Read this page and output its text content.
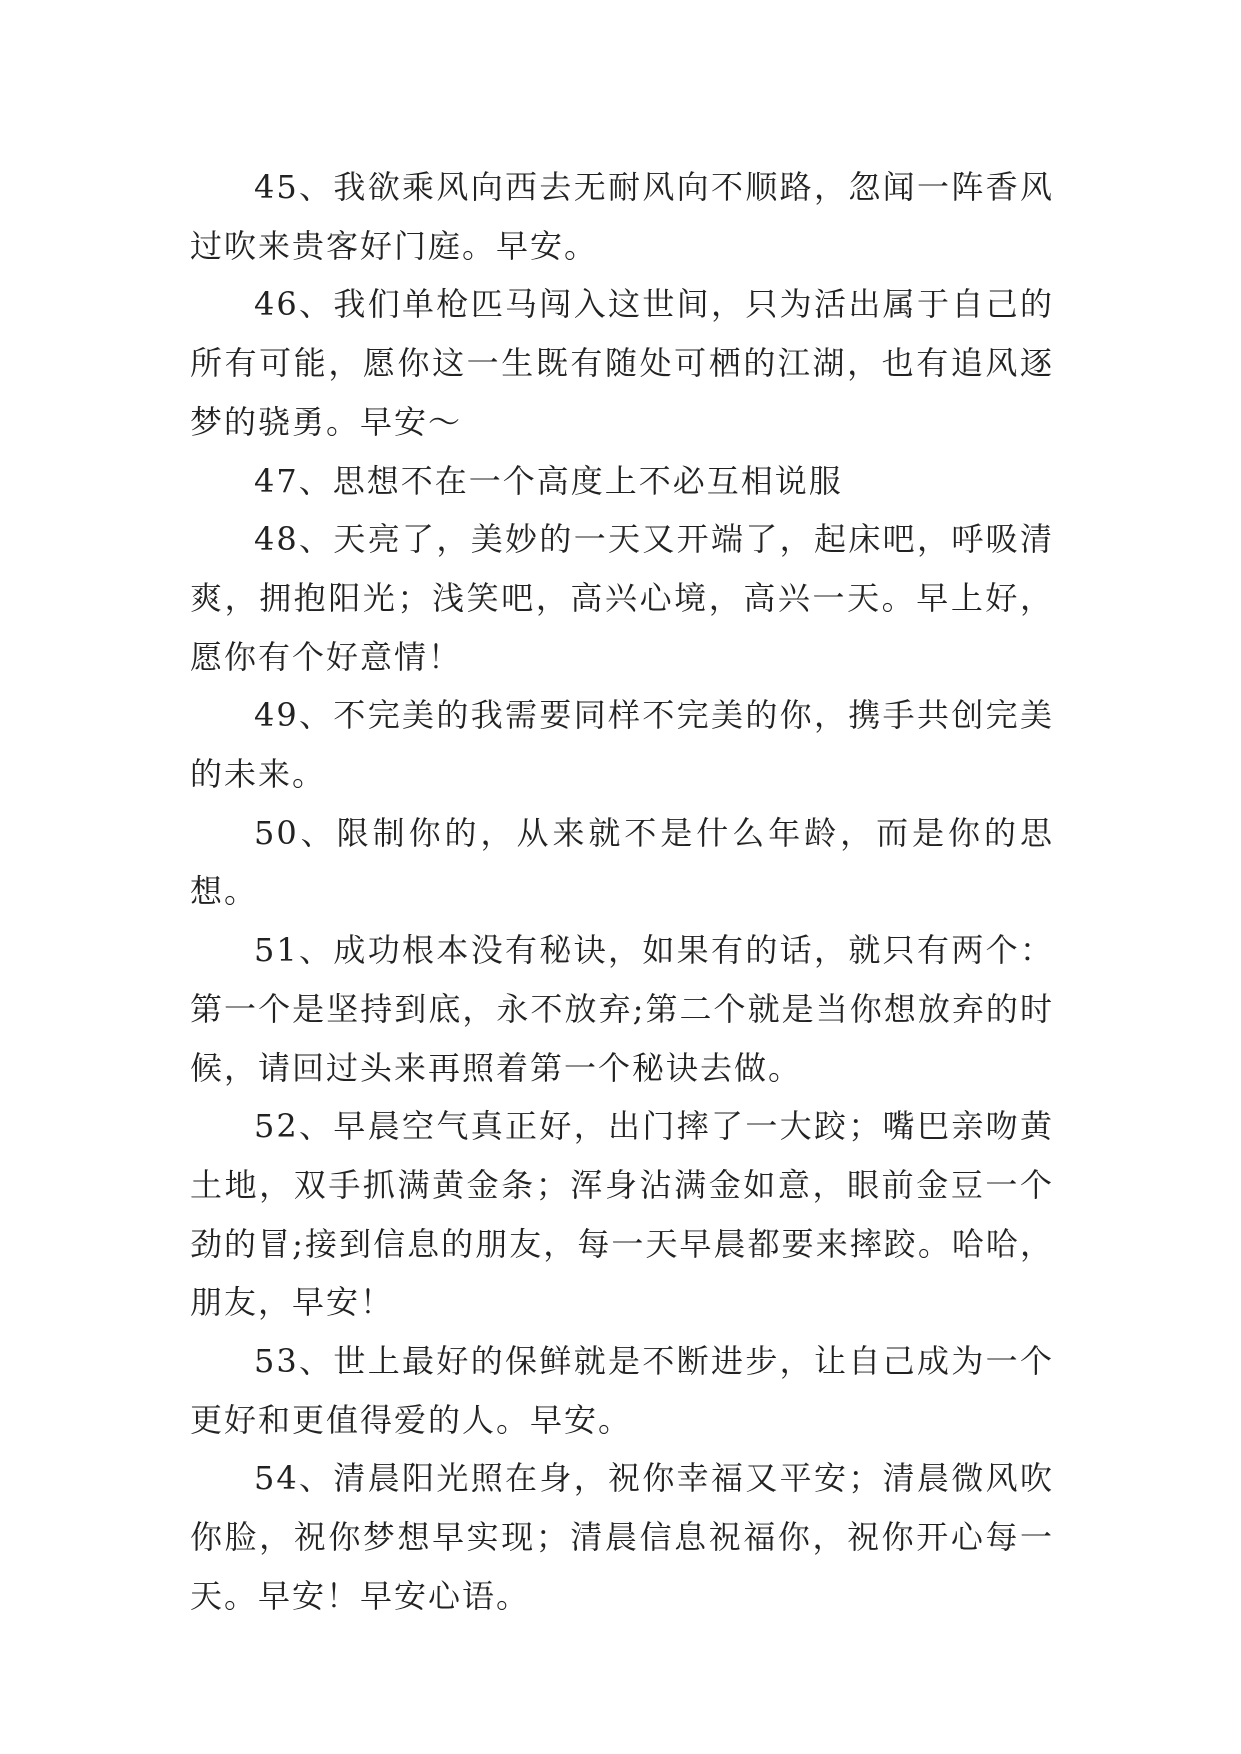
45、我欲乘风向西去无耐风向不顺路，忽闻一阵香风过吹来贵客好门庭。早安。

46、我们单枪匹马闯入这世间，只为活出属于自己的所有可能，愿你这一生既有随处可栖的江湖，也有追风逐梦的骁勇。早安～

47、思想不在一个高度上不必互相说服

48、天亮了，美妙的一天又开端了，起床吧，呼吸清爽，拥抱阳光；浅笑吧，高兴心境，高兴一天。早上好，愿你有个好意情！

49、不完美的我需要同样不完美的你，携手共创完美的未来。

50、限制你的，从来就不是什么年龄，而是你的思想。

51、成功根本没有秘诀，如果有的话，就只有两个：第一个是坚持到底，永不放弃;第二个就是当你想放弃的时候，请回过头来再照着第一个秘诀去做。

52、早晨空气真正好，出门摔了一大跤；嘴巴亲吻黄土地，双手抓满黄金条；浑身沾满金如意，眼前金豆一个劲的冒;接到信息的朋友，每一天早晨都要来摔跤。哈哈，朋友，早安！

53、世上最好的保鲜就是不断进步，让自己成为一个更好和更值得爱的人。早安。

54、清晨阳光照在身，祝你幸福又平安；清晨微风吹你脸，祝你梦想早实现；清晨信息祝福你，祝你开心每一天。早安！早安心语。
